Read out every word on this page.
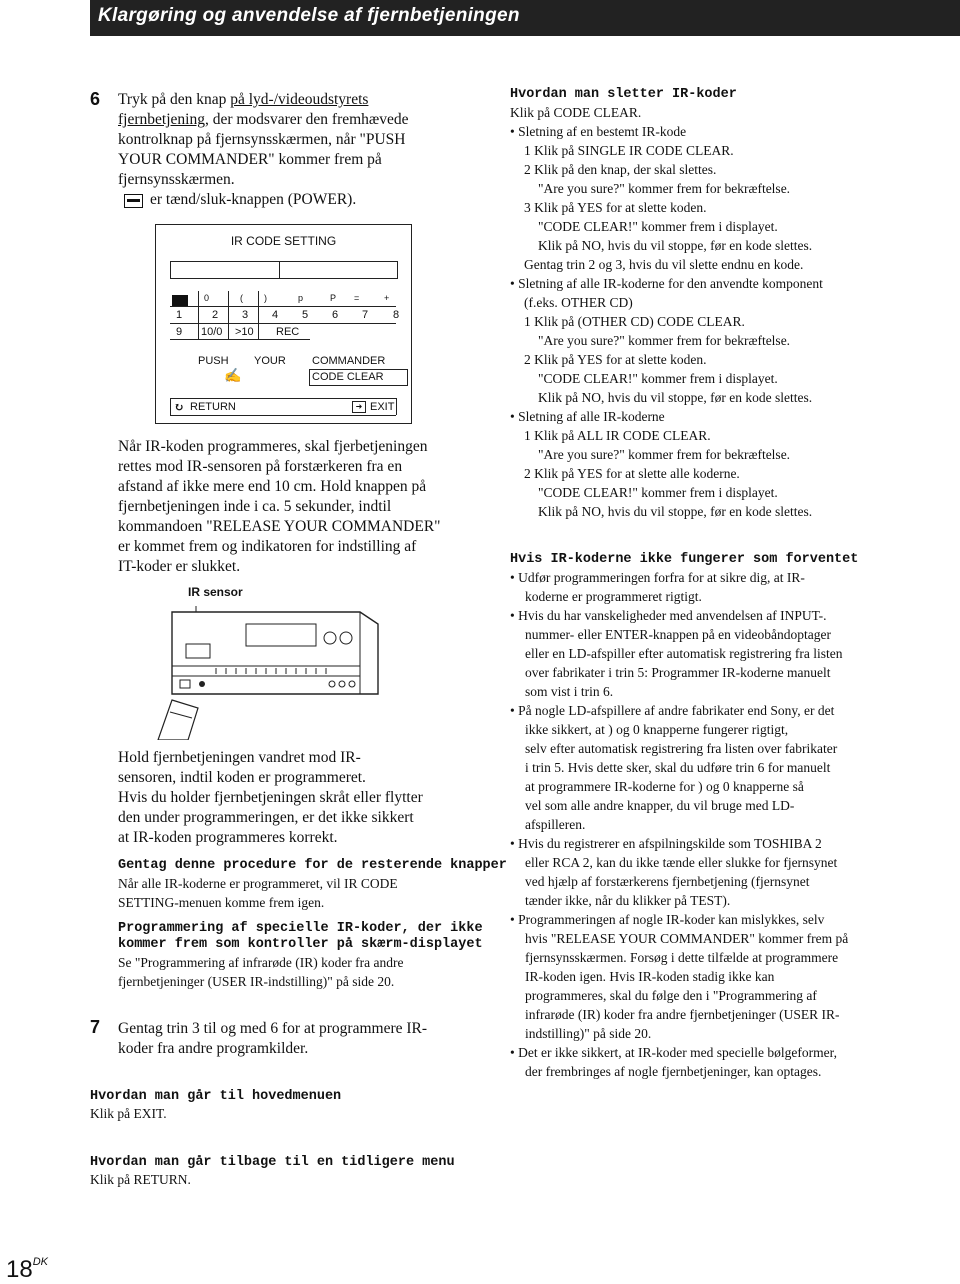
Klargøring og anvendelse af fjernbetjeningen
6 Tryk på den knap på lyd-/videoudstyrets
fjernbetjening, der modsvarer den fremhævede
kontrolknap på fjernsynsskærmen, når "PUSH
YOUR COMMANDER" kommer frem på
fjernsynsskærmen.
er tænd/sluk-knappen (POWER).
IR CODE SETTING
0	( )	p	P =	+
1	2 3 4 5 6 7 8
9 10/0 >10 REC
PUSH YOUR COMMANDER
✍	CODE CLEAR
↻ RETURN	➜ EXIT
Når IR-koden programmeres, skal fjerbetjeningen
rettes mod IR-sensoren på forstærkeren fra en
afstand af ikke mere end 10 cm. Hold knappen på
fjernbetjeningen inde i ca. 5 sekunder, indtil
kommandoen "RELEASE YOUR COMMANDER"
er kommet frem og indikatoren for indstilling af
IT-koder er slukket.
IR sensor
Hold fjernbetjeningen vandret mod IR-
sensoren, indtil koden er programmeret.
Hvis du holder fjernbetjeningen skråt eller flytter
den under programmeringen, er det ikke sikkert
at IR-koden programmeres korrekt.
Gentag denne procedure for de resterende knapper
Når alle IR-koderne er programmeret, vil IR CODE
SETTING-menuen komme frem igen.
Programmering af specielle IR-koder, der ikke
kommer frem som kontroller på skærm-displayet
Se "Programmering af infrarøde (IR) koder fra andre
fjernbetjeninger (USER IR-indstilling)" på side 20.
7 Gentag trin 3 til og med 6 for at programmere IR-
koder fra andre programkilder.
Hvordan man går til hovedmenuen
Klik på EXIT.
Hvordan man går tilbage til en tidligere menu
Klik på RETURN.
$18^{DK}$
Hvordan man sletter IR-koder
Klik på CODE CLEAR.
• Sletning af en bestemt IR-kode
1 Klik på SINGLE IR CODE CLEAR.
2 Klik på den knap, der skal slettes.
"Are you sure?" kommer frem for bekræftelse.
3 Klik på YES for at slette koden.
"CODE CLEAR!" kommer frem i displayet.
Klik på NO, hvis du vil stoppe, før en kode slettes.
Gentag trin 2 og 3, hvis du vil slette endnu en kode.
• Sletning af alle IR-koderne for den anvendte komponent
(f.eks. OTHER CD)
1 Klik på (OTHER CD) CODE CLEAR.
"Are you sure?" kommer frem for bekræftelse.
2 Klik på YES for at slette koden.
"CODE CLEAR!" kommer frem i displayet.
Klik på NO, hvis du vil stoppe, før en kode slettes.
• Sletning af alle IR-koderne
1 Klik på ALL IR CODE CLEAR.
"Are you sure?" kommer frem for bekræftelse.
2 Klik på YES for at slette alle koderne.
"CODE CLEAR!" kommer frem i displayet.
Klik på NO, hvis du vil stoppe, før en kode slettes.
Hvis IR-koderne ikke fungerer som forventet
• Udfør programmeringen forfra for at sikre dig, at IR-
koderne er programmeret rigtigt.
• Hvis du har vanskeligheder med anvendelsen af INPUT-.
nummer- eller ENTER-knappen på en videobåndoptager
eller en LD-afspiller efter automatisk registrering fra listen
over fabrikater i trin 5: Programmer IR-koderne manuelt
som vist i trin 6.
• På nogle LD-afspillere af andre fabrikater end Sony, er det
ikke sikkert, at ) og 0 knapperne fungerer rigtigt,
selv efter automatisk registrering fra listen over fabrikater
i trin 5. Hvis dette sker, skal du udføre trin 6 for manuelt
at programmere IR-koderne for ) og 0 knapperne så
vel som alle andre knapper, du vil bruge med LD-
afspilleren.
• Hvis du registrerer en afspilningskilde som TOSHIBA 2
eller RCA 2, kan du ikke tænde eller slukke for fjernsynet
ved hjælp af forstærkerens fjernbetjening (fjernsynet
tænder ikke, når du klikker på TEST).
• Programmeringen af nogle IR-koder kan mislykkes, selv
hvis "RELEASE YOUR COMMANDER" kommer frem på
fjernsynsskærmen. Forsøg i dette tilfælde at programmere
IR-koden igen. Hvis IR-koden stadig ikke kan
programmeres, skal du følge den i "Programmering af
infrarøde (IR) koder fra andre fjernbetjeninger (USER IR-
indstilling)" på side 20.
• Det er ikke sikkert, at IR-koder med specielle bølgeformer,
der frembringes af nogle fjernbetjeninger, kan optages.
